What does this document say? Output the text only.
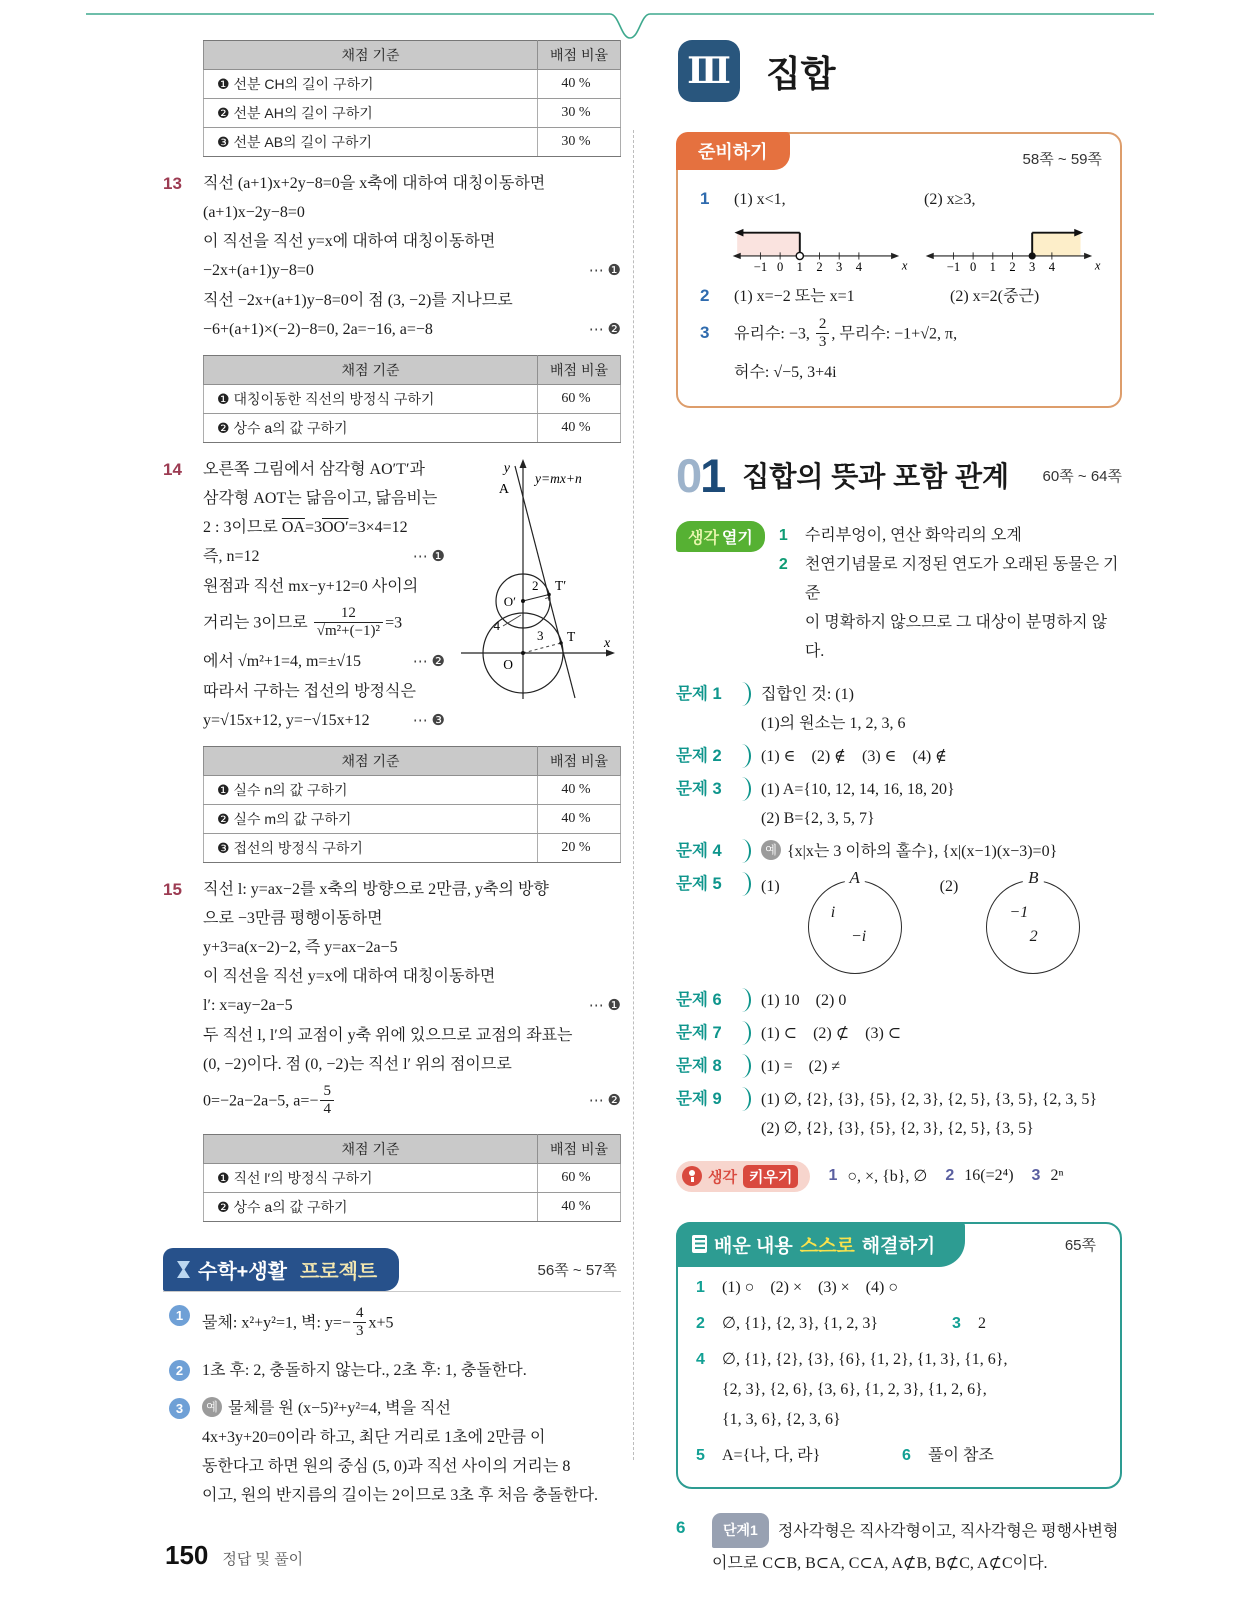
채점 기준	배점 비율
❶ 선분 CH의 길이 구하기	40 %
❷ 선분 AH의 길이 구하기	30 %
❸ 선분 AB의 길이 구하기	30 %
13	직선 (a+1)x+2y−8=0을 x축에 대하여 대칭이동하면
(a+1)x−2y−8=0
이 직선을 직선 y=x에 대하여 대칭이동하면
−2x+(a+1)y−8=0	⋯ ❶
직선 −2x+(a+1)y−8=0이 점 (3, −2)를 지나므로
−6+(a+1)×(−2)−8=0, 2a=−16, a=−8	⋯ ❷
채점 기준	배점 비율
❶ 대칭이동한 직선의 방정식 구하기	60 %
❷ 상수 a의 값 구하기	40 %
14	y
A
y=mx+n
O′
2 T′
4
3 T
O
x
오른쪽 그림에서 삼각형 AO′T′과
삼각형 AOT는 닮음이고, 닮음비는
2 : 3이므로 $\overline{OA}=3OO'=3\times 4=12$
즉, n=12	⋯ ❶
원점과 직선 mx−y+12=0 사이의
거리는 3이므로 $\frac{12}{\text{√m²+(−1)²}} =3$
에서 √m²+1=4, m=±√15	⋯ ❷
따라서 구하는 접선의 방정식은
y=√15x+12, y=−√15x+12	⋯ ❸
채점 기준	배점 비율
❶ 실수 n의 값 구하기	40 %
❷ 실수 m의 값 구하기	40 %
❸ 접선의 방정식 구하기	20 %
15	직선 l: y=ax−2를 x축의 방향으로 2만큼, y축의 방향
으로 −3만큼 평행이동하면
y+3=a(x−2)−2, 즉 y=ax−2a−5
이 직선을 직선 y=x에 대하여 대칭이동하면
l′: x=ay−2a−5	⋯ ❶
두 직선 l, l′의 교점이 y축 위에 있으므로 교점의 좌표는
(0, −2)이다. 점 (0, −2)는 직선 l′ 위의 점이므로
0=−2a−2a−5, $a=- \frac{5}{4}$	⋯ ❷
채점 기준	배점 비율
❶ 직선 l′의 방정식 구하기	60 %
❷ 상수 a의 값 구하기	40 %
수학+생활 프로젝트	56쪽 ~ 57쪽
1	물체: x²+y²=1, 벽: $y=- \frac{4}{3} x+5$
2	1초 후: 2, 충돌하지 않는다., 2초 후: 1, 충돌한다.
3	예 물체를 원 (x−5)²+y²=4, 벽을 직선
4x+3y+20=0이라 하고, 최단 거리로 1초에 2만큼 이
동한다고 하면 원의 중심 (5, 0)과 직선 사이의 거리는 8
이고, 원의 반지름의 길이는 2이므로 3초 후 처음 충돌한다.
Ⅲ 집합
준비하기	58쪽 ~ 59쪽
1	(1) x<1,	(2) x≥3,
−1 0 1 2 3 4	x	−1 0 1 2 3 4	x
2	(1) x=−2 또는 x=1	(2) x=2(중근)
3	유리수: −3, $\frac{2}{3}$ , 무리수: −1+√2, π,
허수: √−5, 3+4i
01 집합의 뜻과 포함 관계 60쪽 ~ 64쪽
생각 열기	1	수리부엉이, 연산 화악리의 오계
2	천연기념물로 지정된 연도가 오래된 동물은 기준
이 명확하지 않으므로 그 대상이 분명하지 않다.
문제 1	집합인 것: (1)
(1)의 원소는 1, 2, 3, 6
문제 2	(1) ∈    (2) ∉    (3) ∈    (4) ∉
문제 3	(1) A={10, 12, 14, 16, 18, 20}
(2) B={2, 3, 5, 7}
문제 4	예 {x|x는 3 이하의 홀수}, {x|(x−1)(x−3)=0}
문제 5	(1)	A
i
−i
(2)	B
−1
2
문제 6	(1) 10    (2) 0
문제 7	(1) ⊂    (2) ⊄    (3) ⊂
문제 8	(1) =    (2) ≠
문제 9	(1) ∅, {2}, {3}, {5}, {2, 3}, {2, 5}, {3, 5}, {2, 3, 5}
(2) ∅, {2}, {3}, {5}, {2, 3}, {2, 5}, {3, 5}
생각 키우기	1 ○, ×, {b}, ∅ 2 16(=2⁴) 3 2ⁿ
배운 내용 스스로 해결하기	65쪽
1	(1) ○    (2) ×    (3) ×    (4) ○
2	∅, {1}, {2, 3}, {1, 2, 3}	3	2
4	∅, {1}, {2}, {3}, {6}, {1, 2}, {1, 3}, {1, 6},
{2, 3}, {2, 6}, {3, 6}, {1, 2, 3}, {1, 2, 6},
{1, 3, 6}, {2, 3, 6}
5	A={나, 다, 라}	6	풀이 참조
6	단계1 정사각형은 직사각형이고, 직사각형은 평행사변형
이므로 C⊂B, B⊂A, C⊂A, A⊄B, B⊄C, A⊄C이다.
150 정답 및 풀이
